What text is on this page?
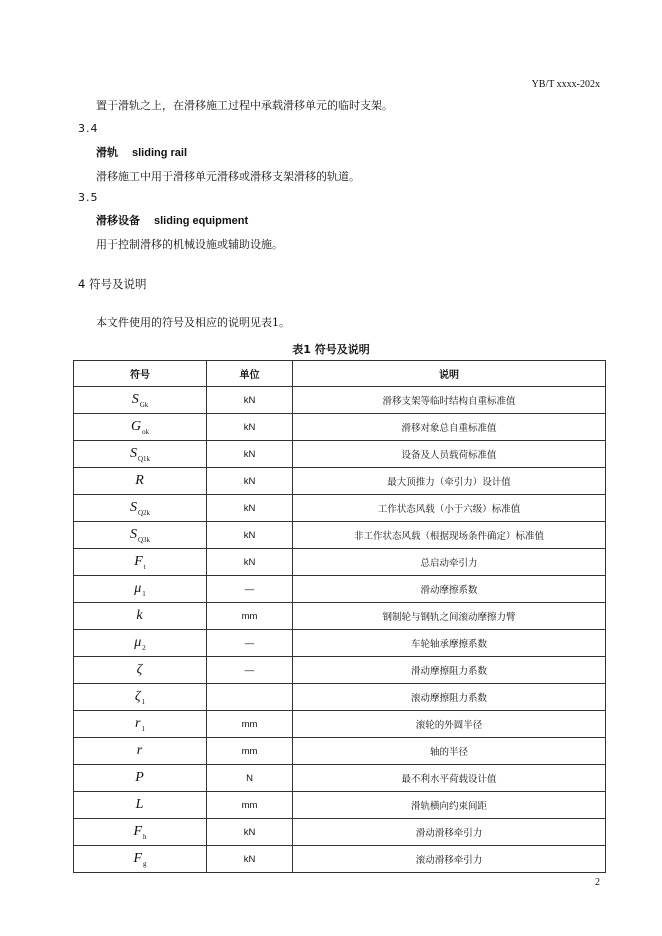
YB/T xxxx-202x
置于滑轨之上，在滑移施工过程中承载滑移单元的临时支架。
3.4
滑轨 sliding rail
滑移施工中用于滑移单元滑移或滑移支架滑移的轨道。
3.5
滑移设备 sliding equipment
用于控制滑移的机械设施或辅助设施。
4 符号及说明
本文件使用的符号及相应的说明见表1。
表1 符号及说明
符号	单位	说明
$S_{Gk}$	kN	滑移支架等临时结构自重标准值
$G_{ok}$	kN	滑移对象总自重标准值
$S_{Q1k}$	kN	设备及人员载荷标准值
R	kN	最大顶推力（牵引力）设计值
$S_{Q2k}$	kN	工作状态风载（小于六级）标准值
$S_{Q3k}$	kN	非工作状态风载（根据现场条件确定）标准值
$F_t$	kN	总启动牵引力
$\mu_1$	—	滑动摩擦系数
k	mm	钢制轮与钢轨之间滚动摩擦力臂
$\mu_2$	—	车轮轴承摩擦系数
ζ	—	滑动摩擦阻力系数
$\zeta_1$		滚动摩擦阻力系数
$r_1$	mm	滚轮的外圆半径
r	mm	轴的半径
P	N	最不利水平荷载设计值
L	mm	滑轨横向约束间距
$F_h$	kN	滑动滑移牵引力
$F_g$	kN	滚动滑移牵引力
2
